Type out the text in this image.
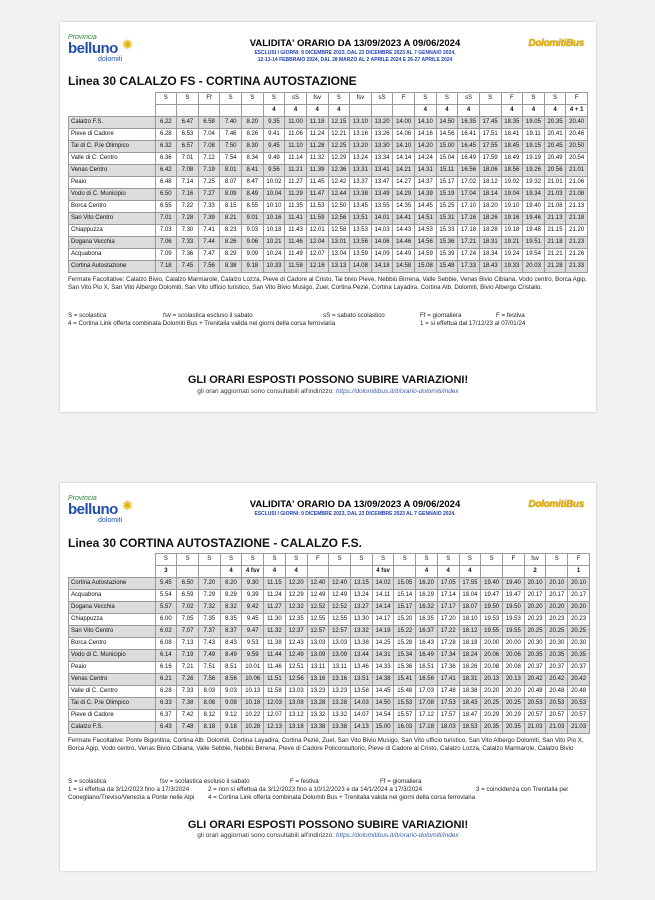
Provincia
belluno ✺
dolomiti
VALIDITA' ORARIO DA 13/09/2023 A 09/06/2024
ESCLUSI I GIORNI: 9 DICEMBRE 2023, DAL 23 DICEMBRE 2023 AL 7 GENNAIO 2024,
12-13-14 FEBBRAIO 2024, DAL 28 MARZO AL 2 APRILE 2024 E 26-27 APRILE 2024
DolomitiBus
Linea 30 CALALZO FS - CORTINA AUTOSTAZIONE
	S	S	Ff	S	S	S	sS	fsv	S	fsv	sS	F	S	S	sS	S	F	S	S	F
						4	4	4	4				4	4	4		4	4	4	4 + 1
Calalzo F.S.	6.22	6.47	6.58	7.40	8.20	9.35	11.00	11.18	12.15	13.10	13.20	14.00	14.10	14.50	16.35	17.45	18.35	19.05	20.35	20.40
Pieve di Cadore	6.28	6.53	7.04	7.46	8.26	9.41	11.06	11.24	12.21	13.16	13.26	14.06	14.16	14.56	16.41	17.51	18.41	19.11	20.41	20.46
Tai di C. P.le Olimpico	6.32	6.57	7.08	7.50	8.30	9.45	11.10	11.28	12.25	13.20	13.30	14.10	14.20	15.00	16.45	17.55	18.45	19.15	20.45	20.50
Valle di C. Centro	6.36	7.01	7.12	7.54	8.34	9.49	11.14	11.32	12.29	13.24	13.34	14.14	14.24	15.04	16.49	17.59	18.49	19.19	20.49	20.54
Venas Centro	6.42	7.08	7.19	8.01	8.41	9.56	11.21	11.39	12.36	13.31	13.41	14.21	14.31	15.11	16.56	18.06	18.56	19.26	20.56	21.01
Peaio	6.48	7.14	7.25	8.07	8.47	10.02	11.27	11.45	12.42	13.37	13.47	14.27	14.37	15.17	17.02	18.12	19.02	19.32	21.01	21.06
Vodo di C. Municipio	6.50	7.16	7.27	8.09	8.49	10.04	11.29	11.47	12.44	13.38	13.49	14.29	14.39	15.19	17.04	18.14	19.04	19.34	21.03	21.08
Borca Centro	6.55	7.22	7.33	8.15	8.55	10.10	11.35	11.53	12.50	13.45	13.55	14.35	14.45	15.25	17.10	18.20	19.10	19.40	21.08	21.13
San Vito Centro	7.01	7.28	7.39	8.21	9.01	10.16	11.41	11.59	12.56	13.51	14.01	14.41	14.51	15.31	17.16	18.26	19.16	19.46	21.13	21.18
Chiappuzza	7.03	7.30	7.41	8.23	9.03	10.18	11.43	12.01	12.58	13.53	14.03	14.43	14.53	15.33	17.18	18.28	19.18	19.48	21.15	21.20
Dogana Vecchia	7.06	7.33	7.44	8.26	9.06	10.21	11.46	12.04	13.01	13.56	14.06	14.46	14.56	15.36	17.21	18.31	19.21	19.51	21.18	21.23
Acquabona	7.09	7.36	7.47	8.29	9.09	10.24	11.49	12.07	13.04	13.59	14.09	14.49	14.59	15.39	17.24	18.34	19.24	19.54	21.21	21.26
Cortina Autostazione	7.18	7.45	7.56	8.38	9.18	10.33	11.58	12.16	13.13	14.08	14.18	14.58	15.08	15.48	17.33	18.43	19.33	20.03	21.28	21.33
Fermate Facoltative: Calalzo Bivio, Calalzo Marmarole, Calalzo Lozza, Pieve di Cadore al Cristo, Tai bivio Pieve, Nebbiù Birrena, Valle Sebbie, Venas Bivio Cibiana, Vodo centro, Borca Agip, San Vito Pio X, San Vito Albergo Dolomiti, San Vito ufficio turistico, San Vito Bivio Musigo, Zuel, Cortina Pezié, Cortina Layadira, Cortina Alb. Dolomiti, Bivio Albergo Cristallo.
S = scolastica	fsv = scolastica escluso il sabato	sS = sabato scolastico	Ff = giornaliera	F = festiva
4 = Cortina Link offerta combinata Dolomiti Bus + Trenitalia valida nei giorni della corsa ferroviaria	1 = si effettua dal 17/12/23 al 07/01/24
GLI ORARI ESPOSTI POSSONO SUBIRE VARIAZIONI!
gli orari aggiornati sono consultabili all'indirizzo: https://dolomitibus.it/it/orario-dolomiti/index
Provincia
belluno ✺
dolomiti
VALIDITA' ORARIO DA 13/09/2023 A 09/06/2024
ESCLUSI I GIORNI: 9 DICEMBRE 2023, DAL 23 DICEMBRE 2023 AL 7 GENNAIO 2024.
DolomitiBus
Linea 30 CORTINA AUTOSTAZIONE - CALALZO F.S.
	S	S	S	S	S	S	S	F	S	S	S	S	S	S	S	S	F	fsv	S	F
	3			4	4 fsv	4	4				4 fsv		4	4	4			2		1
Cortina Autostazione	5.45	6.50	7.20	8.20	9.30	11.15	12.20	12.40	12.40	13.15	14.02	15.05	16.20	17.05	17.55	19.40	19.40	20.10	20.10	20.10
Acquabona	5.54	6.59	7.29	8.29	9.39	11.24	12.29	12.49	12.49	13.24	14.11	15.14	16.29	17.14	18.04	19.47	19.47	20.17	20.17	20.17
Dogana Vecchia	5.57	7.02	7.32	8.32	9.42	11.27	12.32	12.52	12.52	13.27	14.14	15.17	16.32	17.17	18.07	19.50	19.50	20.20	20.20	20.20
Chiappuzza	6.00	7.05	7.35	8.35	9.45	11.30	12.35	12.55	12.55	13.30	14.17	15.20	16.35	17.20	18.10	19.53	19.53	20.23	20.23	20.23
San Vito Centro	6.02	7.07	7.37	8.37	9.47	11.32	12.37	12.57	12.57	13.32	14.19	15.22	16.37	17.22	18.12	19.55	19.55	20.25	20.25	20.25
Borca Centro	6.08	7.13	7.43	8.43	9.53	11.38	12.43	13.03	13.03	13.38	14.25	15.28	16.43	17.28	18.18	20.00	20.00	20.30	20.30	20.30
Vodo di C. Municipio	6.14	7.19	7.49	8.49	9.59	11.44	12.49	13.09	13.09	13.44	14.31	15.34	16.49	17.34	18.24	20.06	20.06	20.35	20.35	20.35
Peaio	6.16	7.21	7.51	8.51	10.01	11.46	12.51	13.11	13.11	13.46	14.33	15.36	16.51	17.36	18.26	20.08	20.08	20.37	20.37	20.37
Venas Centro	6.21	7.26	7.56	8.56	10.06	11.51	12.56	13.16	13.16	13.51	14.38	15.41	16.56	17.41	18.31	20.13	20.13	20.42	20.42	20.42
Valle di C. Centro	6.28	7.33	8.03	9.03	10.13	11.58	13.03	13.23	13.23	13.58	14.45	15.48	17.03	17.48	18.38	20.20	20.20	20.48	20.48	20.48
Tai di C. P.le Olimpico	6.33	7.38	8.08	9.08	10.18	12.03	13.08	13.28	13.28	14.03	14.50	15.53	17.08	17.53	18.43	20.25	20.25	20.53	20.53	20.53
Pieve di Cadore	6.37	7.42	8.12	9.12	10.22	12.07	13.12	13.32	13.32	14.07	14.54	15.57	17.12	17.57	18.47	20.29	20.29	20.57	20.57	20.57
Calalzo F.S.	6.43	7.48	8.18	9.18	10.28	12.13	13.18	13.38	13.38	14.13	15.00	16.03	17.18	18.03	18.53	20.35	20.35	21.03	21.03	21.03
Fermate Facoltative: Ponte Bigontina, Cortina Alb. Dolomiti, Cortina Layadira, Cortina Pezié, Zuel, San Vito Bivio Musigo, San Vito ufficio turistico, San Vito Albergo Dolomiti, San Vito Pio X, Borca Agip, Vodo centro, Venas Bivio Cibiana, Valle Sebbie, Nebbiù Birrena, Pieve di Cadore Policonsultorio, Pieve di Cadore al Cristo, Calalzo Lozza, Calalzo Marmarole, Calalzo Bivio
S = scolastica	fsv = scolastica escluso il sabato	F = festiva	Ff = giornaliera
1 = si effettua da 3/12/2023 fino a 17/3/2024	2 = non si effettua da 3/12/2023 fino a 10/12/2023 e da 14/1/2024 a 17/3/2024	3 = coincidenza con Trenitalia per
Conegliano/Treviso/Venezia a Ponte nelle Alpi 4 = Cortina Link offerta combinata Dolomiti Bus + Trenitalia valida nei giorni della corsa ferroviaria
GLI ORARI ESPOSTI POSSONO SUBIRE VARIAZIONI!
gli orari aggiornati sono consultabili all'indirizzo: https://dolomitibus.it/it/orario-dolomiti/index
